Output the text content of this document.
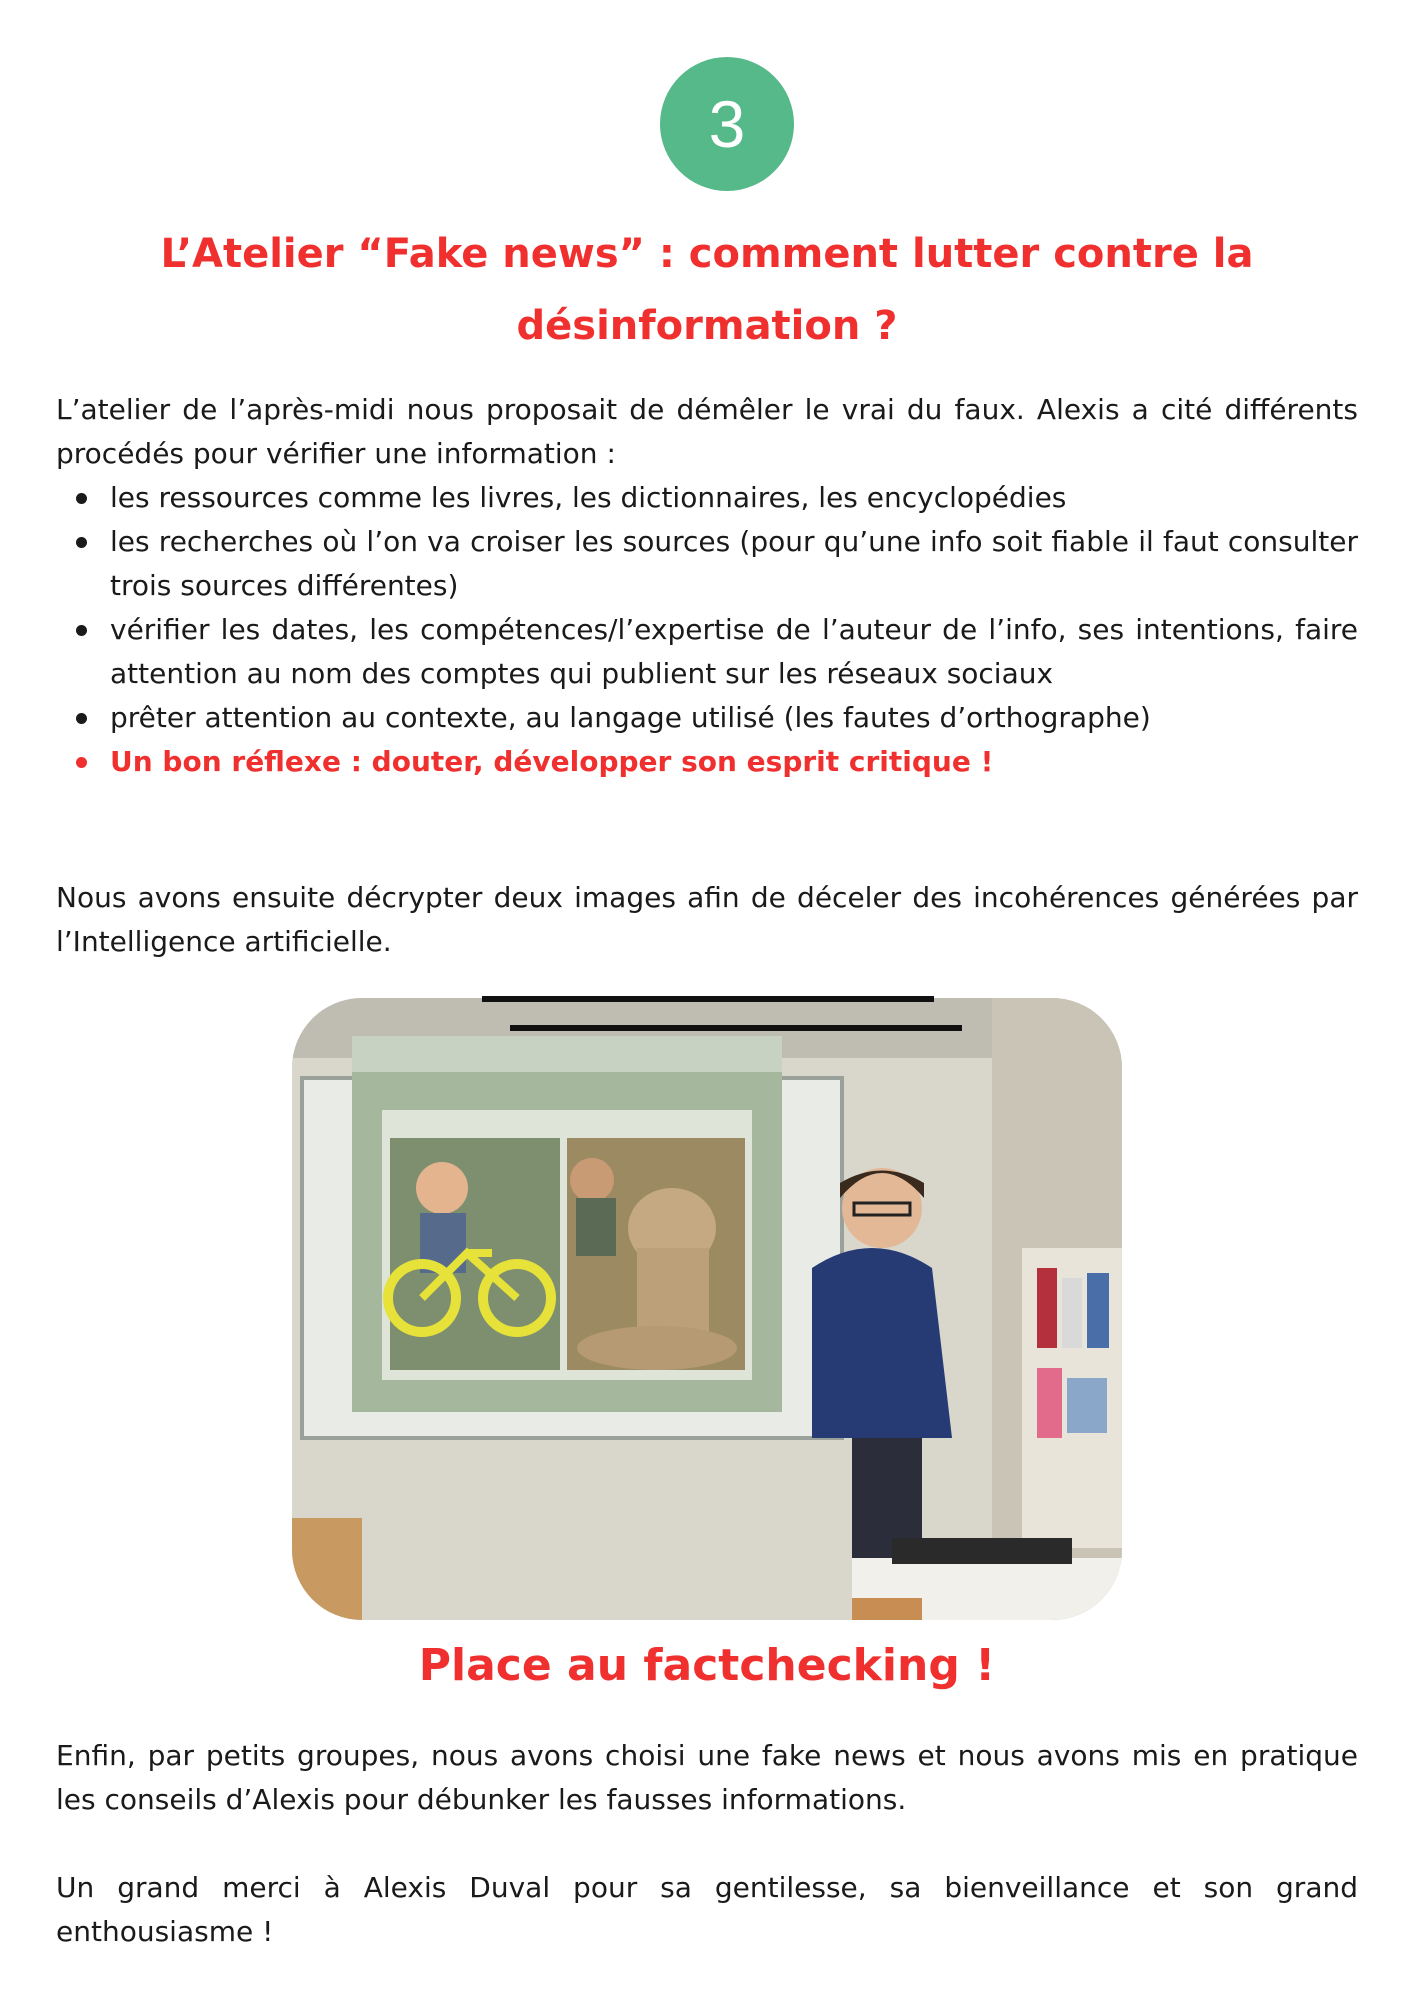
3
L’Atelier “Fake news” : comment lutter contre la
désinformation ?

L’atelier de l’après-midi nous proposait de démêler le vrai du faux. Alexis a cité différents procédés pour vérifier une information :

les ressources comme les livres, les dictionnaires, les encyclopédies
les recherches où l’on va croiser les sources (pour qu’une info soit fiable il faut consulter trois sources différentes)
vérifier les dates, les compétences/l’expertise de l’auteur de l’info, ses intentions, faire attention au nom des comptes qui publient sur les réseaux sociaux
prêter attention au contexte, au langage utilisé (les fautes d’orthographe)
Un bon réflexe : douter, développer son esprit critique !

Nous avons ensuite décrypter deux images afin de déceler des incohérences générées par l’Intelligence artificielle.

Place au factchecking !

Enfin, par petits groupes, nous avons choisi une fake news et nous avons mis en pratique les conseils d’Alexis pour débunker les fausses informations.

Un grand merci à Alexis Duval pour sa gentilesse, sa bienveillance et son grand enthousiasme !
